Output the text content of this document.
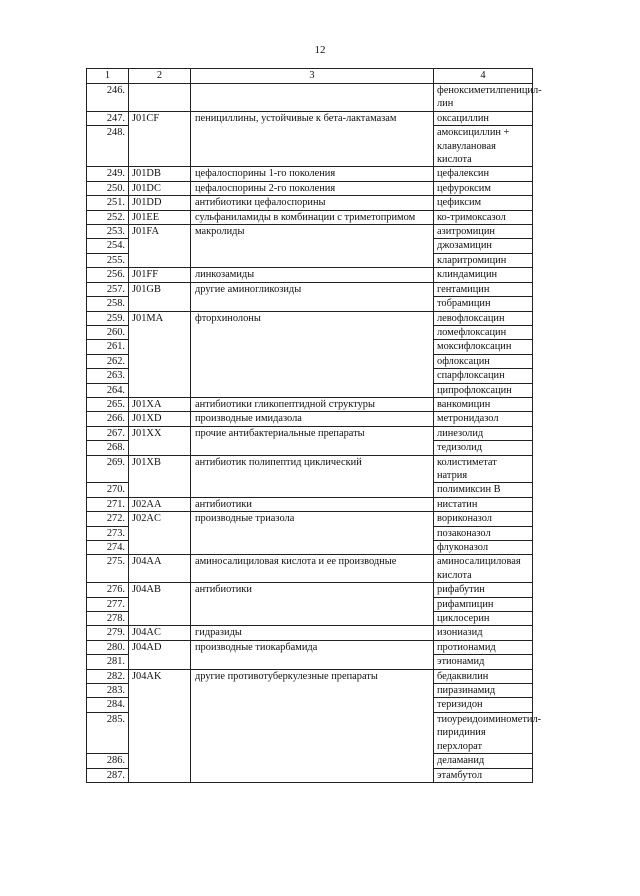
12
1	2	3	4
246.			феноксиметилпеницил-лин
247.	J01CF	пенициллины, устойчивые к бета-лактамазам	оксациллин
248.			амоксициллин + клавулановая кислота
249.	J01DB	цефалоспорины 1-го поколения	цефалексин
250.	J01DC	цефалоспорины 2-го поколения	цефуроксим
251.	J01DD	антибиотики цефалоспорины	цефиксим
252.	J01EE	сульфаниламиды в комбинации с триметопримом	ко-тримоксазол
253.	J01FA	макролиды	азитромицин
254.			джозамицин
255.			кларитромицин
256.	J01FF	линкозамиды	клиндамицин
257.	J01GB	другие аминогликозиды	гентамицин
258.			тобрамицин
259.	J01MA	фторхинолоны	левофлоксацин
260.			ломефлоксацин
261.			моксифлоксацин
262.			офлоксацин
263.			спарфлоксацин
264.			ципрофлоксацин
265.	J01XA	антибиотики гликопептидной структуры	ванкомицин
266.	J01XD	производные имидазола	метронидазол
267.	J01XX	прочие антибактериальные препараты	линезолид
268.			тедизолид
269.	J01XB	антибиотик полипептид циклический	колистиметат натрия
270.			полимиксин В
271.	J02AA	антибиотики	нистатин
272.	J02AC	производные триазола	вориконазол
273.			позаконазол
274.			флуконазол
275.	J04AA	аминосалициловая кислота и ее производные	аминосалициловая кислота
276.	J04AB	антибиотики	рифабутин
277.			рифампицин
278.			циклосерин
279.	J04AC	гидразиды	изониазид
280.	J04AD	производные тиокарбамида	протионамид
281.			этионамид
282.	J04AK	другие противотуберкулезные препараты	бедаквилин
283.			пиразинамид
284.			теризидон
285.			тиоуреидоиминометил-пиридиния перхлорат
286.			деламанид
287.			этамбутол
